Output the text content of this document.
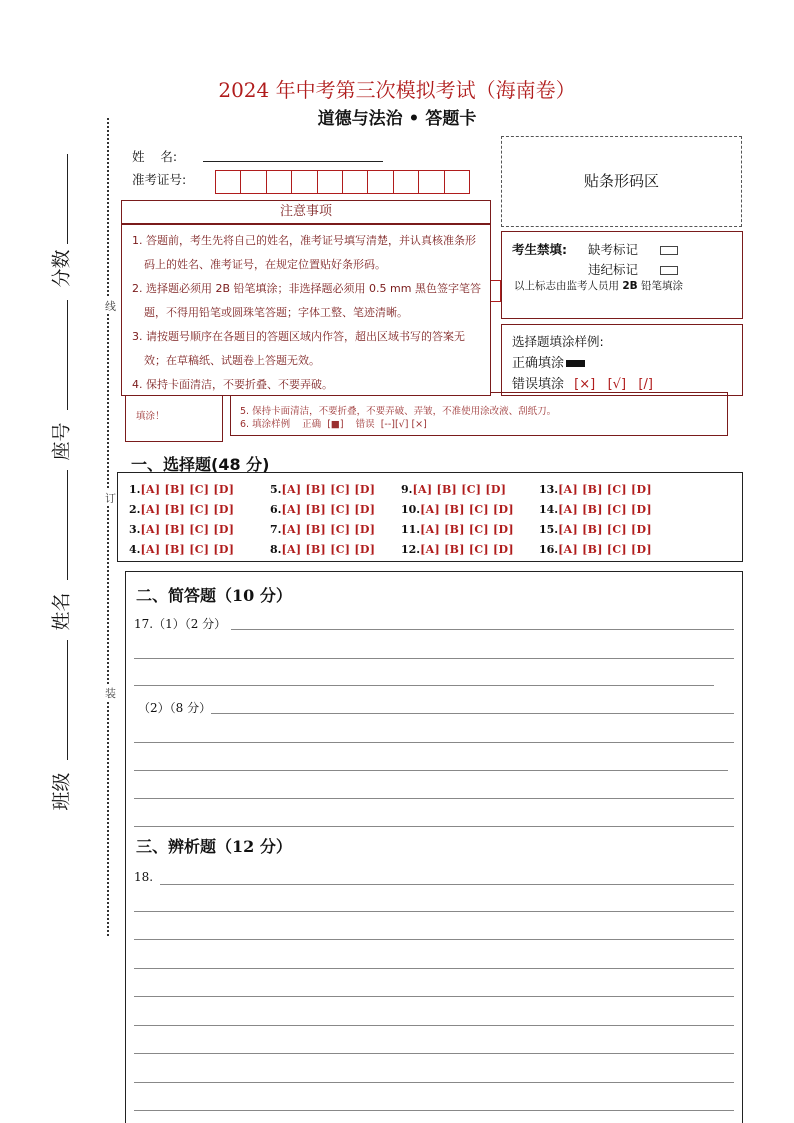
2024 年中考第三次模拟考试（海南卷）
道德与法治 • 答题卡
线
订
装
分数
座号
姓名
班级
姓    名:
准考证号:	贴条形码区
填涂！	5. 保持卡面清洁，不要折叠，不要弄破、弄皱，不准使用涂改液、刮纸刀。
6. 填涂样例    正确  [■]    错误  [--][√] [×]
注意事项
1. 答题前，考生先将自己的姓名，准考证号填写清楚，并认真核准条形码上的姓名、准考证号，在规定位置贴好条形码。
2. 选择题必须用 2B 铅笔填涂；非选择题必须用 0.5 mm 黑色签字笔答题，不得用铅笔或圆珠笔答题；字体工整、笔迹清晰。
3. 请按题号顺序在各题目的答题区域内作答，超出区域书写的答案无效；在草稿纸、试题卷上答题无效。
4. 保持卡面清洁，不要折叠、不要弄破。
考生禁填: 缺考标记
违纪标记
以上标志由监考人员用 2B 铅笔填涂
选择题填涂样例:
正确填涂
错误填涂 [×]   [√]   [/]
一、选择题(48 分)
1.[A] [B] [C] [D]
2.[A] [B] [C] [D]
3.[A] [B] [C] [D]
4.[A] [B] [C] [D]
5.[A] [B] [C] [D]
6.[A] [B] [C] [D]
7.[A] [B] [C] [D]
8.[A] [B] [C] [D]
9.[A] [B] [C] [D]
10.[A] [B] [C] [D]
11.[A] [B] [C] [D]
12.[A] [B] [C] [D]
13.[A] [B] [C] [D]
14.[A] [B] [C] [D]
15.[A] [B] [C] [D]
16.[A] [B] [C] [D]
二、简答题（10 分）
17.（1）（2 分）
（2）（8 分）
三、辨析题（12 分）
18.
